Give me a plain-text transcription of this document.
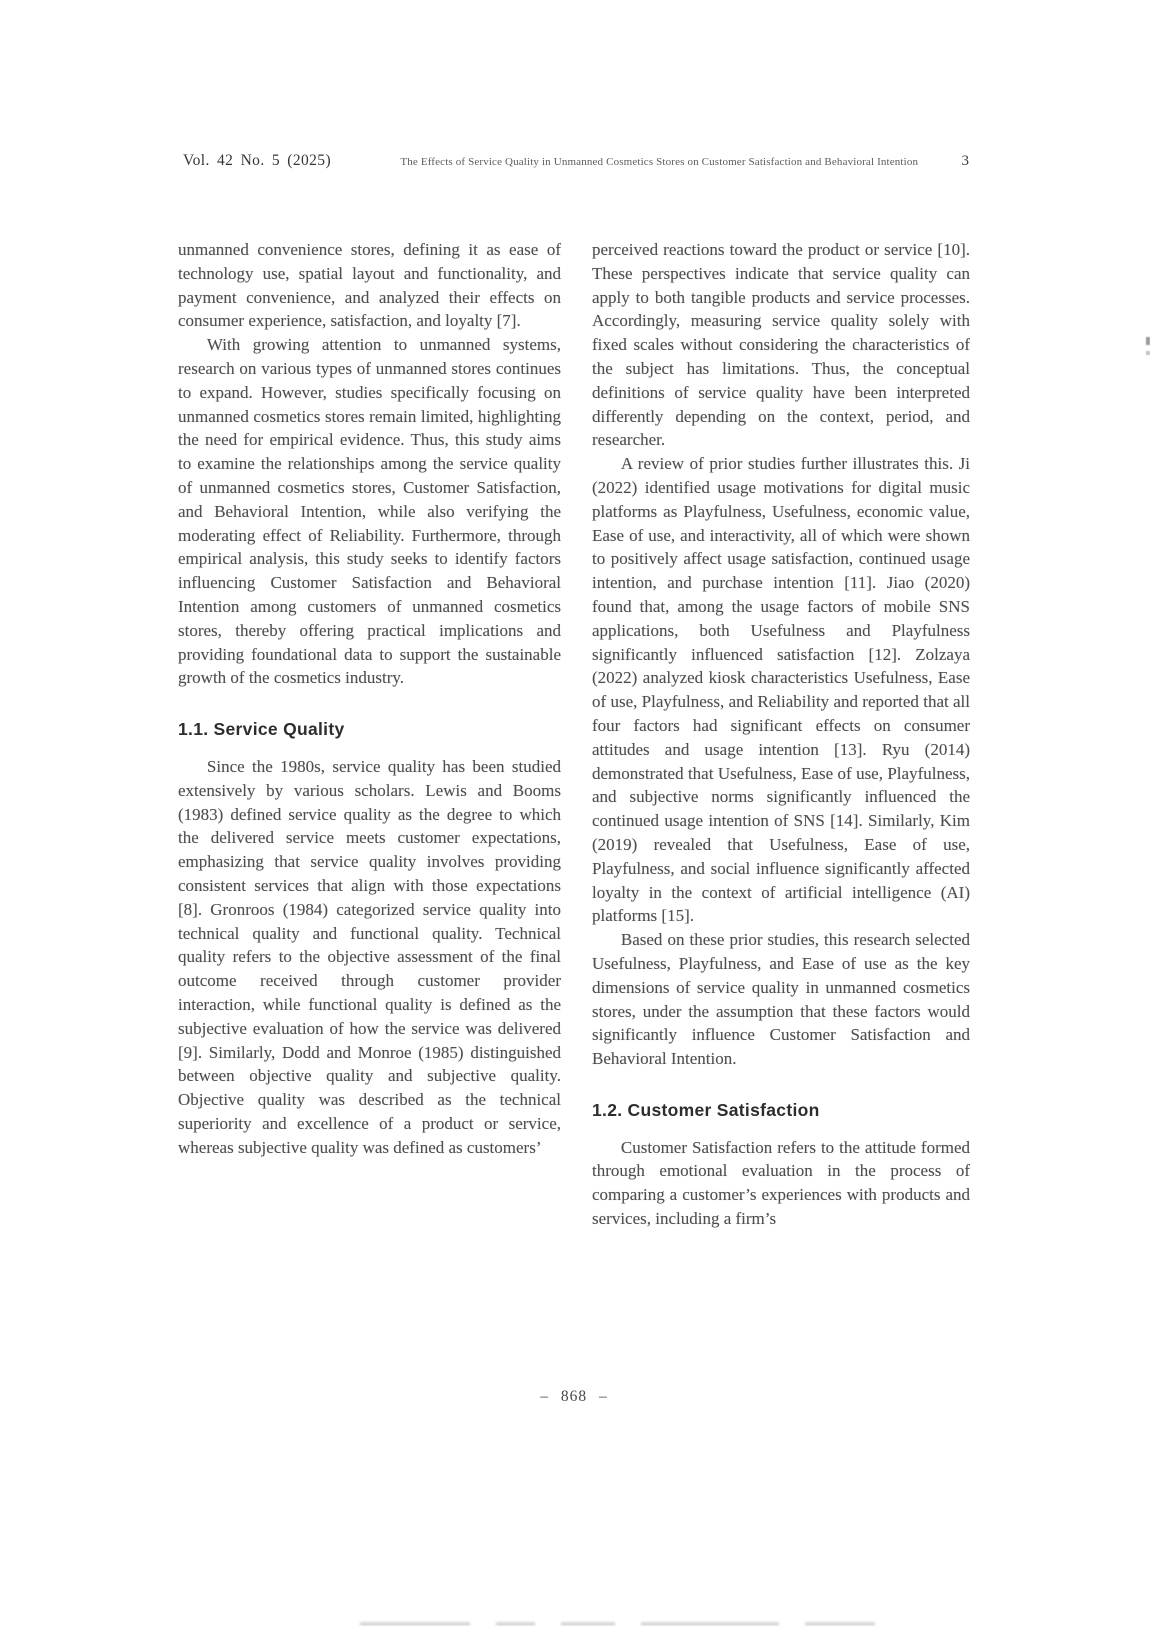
Vol. 42 No. 5 (2025)	The Effects of Service Quality in Unmanned Cosmetics Stores on Customer Satisfaction and Behavioral Intention	3

unmanned convenience stores, defining it as ease of technology use, spatial layout and functionality, and payment convenience, and analyzed their effects on consumer experience, satisfaction, and loyalty [7].

With growing attention to unmanned systems, research on various types of unmanned stores continues to expand. However, studies specifically focusing on unmanned cosmetics stores remain limited, highlighting the need for empirical evidence. Thus, this study aims to examine the relationships among the service quality of unmanned cosmetics stores, Customer Satisfaction, and Behavioral Intention, while also verifying the moderating effect of Reliability. Furthermore, through empirical analysis, this study seeks to identify factors influencing Customer Satisfaction and Behavioral Intention among customers of unmanned cosmetics stores, thereby offering practical implications and providing foundational data to support the sustainable growth of the cosmetics industry.

1.1. Service Quality

Since the 1980s, service quality has been studied extensively by various scholars. Lewis and Booms (1983) defined service quality as the degree to which the delivered service meets customer expectations, emphasizing that service quality involves providing consistent services that align with those expectations [8]. Gronroos (1984) categorized service quality into technical quality and functional quality. Technical quality refers to the objective assessment of the final outcome received through customer provider interaction, while functional quality is defined as the subjective evaluation of how the service was delivered [9]. Similarly, Dodd and Monroe (1985) distinguished between objective quality and subjective quality. Objective quality was described as the technical superiority and excellence of a product or service, whereas subjective quality was defined as customers’

perceived reactions toward the product or service [10]. These perspectives indicate that service quality can apply to both tangible products and service processes. Accordingly, measuring service quality solely with fixed scales without considering the characteristics of the subject has limitations. Thus, the conceptual definitions of service quality have been interpreted differently depending on the context, period, and researcher.

A review of prior studies further illustrates this. Ji (2022) identified usage motivations for digital music platforms as Playfulness, Usefulness, economic value, Ease of use, and interactivity, all of which were shown to positively affect usage satisfaction, continued usage intention, and purchase intention [11]. Jiao (2020) found that, among the usage factors of mobile SNS applications, both Usefulness and Playfulness significantly influenced satisfaction [12]. Zolzaya (2022) analyzed kiosk characteristics Usefulness, Ease of use, Playfulness, and Reliability and reported that all four factors had significant effects on consumer attitudes and usage intention [13]. Ryu (2014) demonstrated that Usefulness, Ease of use, Playfulness, and subjective norms significantly influenced the continued usage intention of SNS [14]. Similarly, Kim (2019) revealed that Usefulness, Ease of use, Playfulness, and social influence significantly affected loyalty in the context of artificial intelligence (AI) platforms [15].

Based on these prior studies, this research selected Usefulness, Playfulness, and Ease of use as the key dimensions of service quality in unmanned cosmetics stores, under the assumption that these factors would significantly influence Customer Satisfaction and Behavioral Intention.

1.2. Customer Satisfaction

Customer Satisfaction refers to the attitude formed through emotional evaluation in the process of comparing a customer’s experiences with products and services, including a firm’s

– 868 –
